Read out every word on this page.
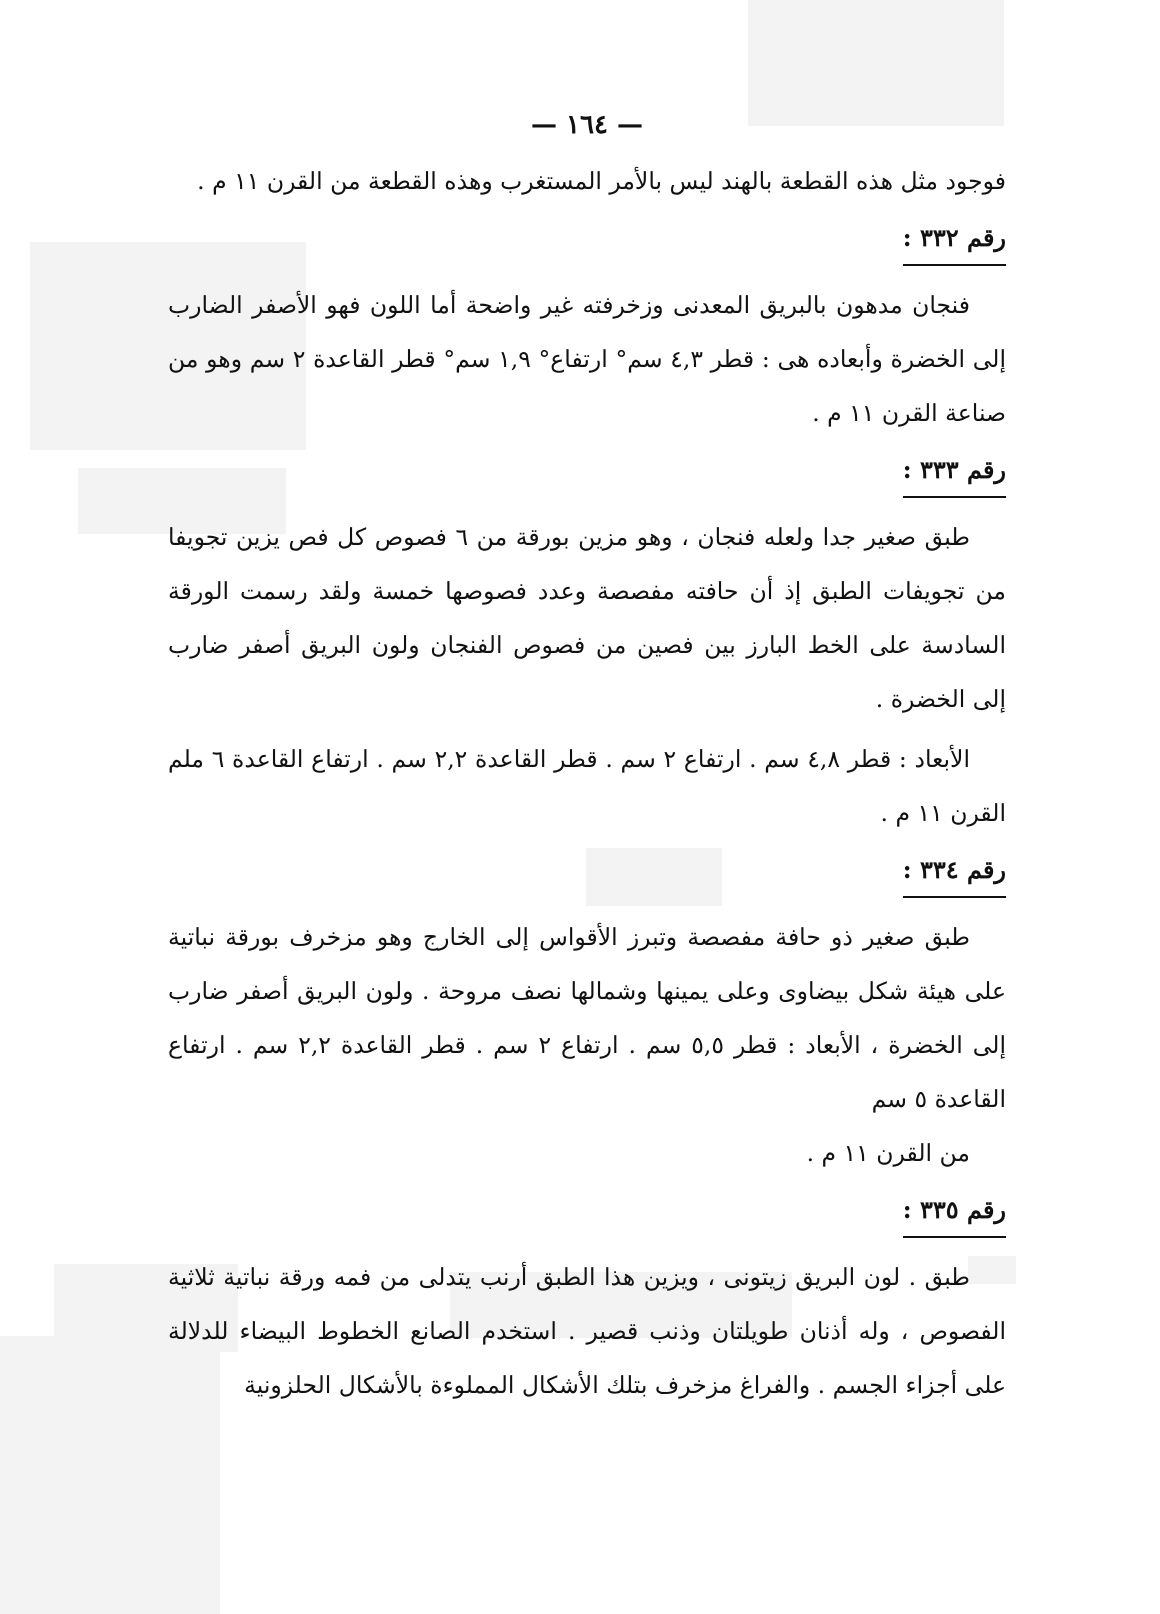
— ١٦٤ —

فوجود مثل هذه القطعة بالهند ليس بالأمر المستغرب وهذه القطعة من القرن ١١ م .

رقم ٣٣٢ :

فنجان مدهون بالبريق المعدنى وزخرفته غير واضحة أما اللون فهو الأصفر الضارب إلى الخضرة وأبعاده هى : قطر ٤,٣ سم° ارتفاع° ١,٩ سم° قطر القاعدة ٢ سم وهو من صناعة القرن ١١ م .

رقم ٣٣٣ :

طبق صغير جدا ولعله فنجان ، وهو مزين بورقة من ٦ فصوص كل فص يزين تجويفا من تجويفات الطبق إذ أن حافته مفصصة وعدد فصوصها خمسة ولقد رسمت الورقة السادسة على الخط البارز بين فصين من فصوص الفنجان ولون البريق أصفر ضارب إلى الخضرة .

الأبعاد : قطر ٤,٨ سم . ارتفاع ٢ سم . قطر القاعدة ٢,٢ سم . ارتفاع القاعدة ٦ ملم القرن ١١ م .

رقم ٣٣٤ :

طبق صغير ذو حافة مفصصة وتبرز الأقواس إلى الخارج وهو مزخرف بورقة نباتية على هيئة شكل بيضاوى وعلى يمينها وشمالها نصف مروحة . ولون البريق أصفر ضارب إلى الخضرة ، الأبعاد : قطر ٥,٥ سم . ارتفاع ٢ سم . قطر القاعدة ٢,٢ سم . ارتفاع القاعدة ٥ سم

من القرن ١١ م .

رقم ٣٣٥ :

طبق . لون البريق زيتونى ، ويزين هذا الطبق أرنب يتدلى من فمه ورقة نباتية ثلاثية الفصوص ، وله أذنان طويلتان وذنب قصير . استخدم الصانع الخطوط البيضاء للدلالة على أجزاء الجسم . والفراغ مزخرف بتلك الأشكال المملوءة بالأشكال الحلزونية
